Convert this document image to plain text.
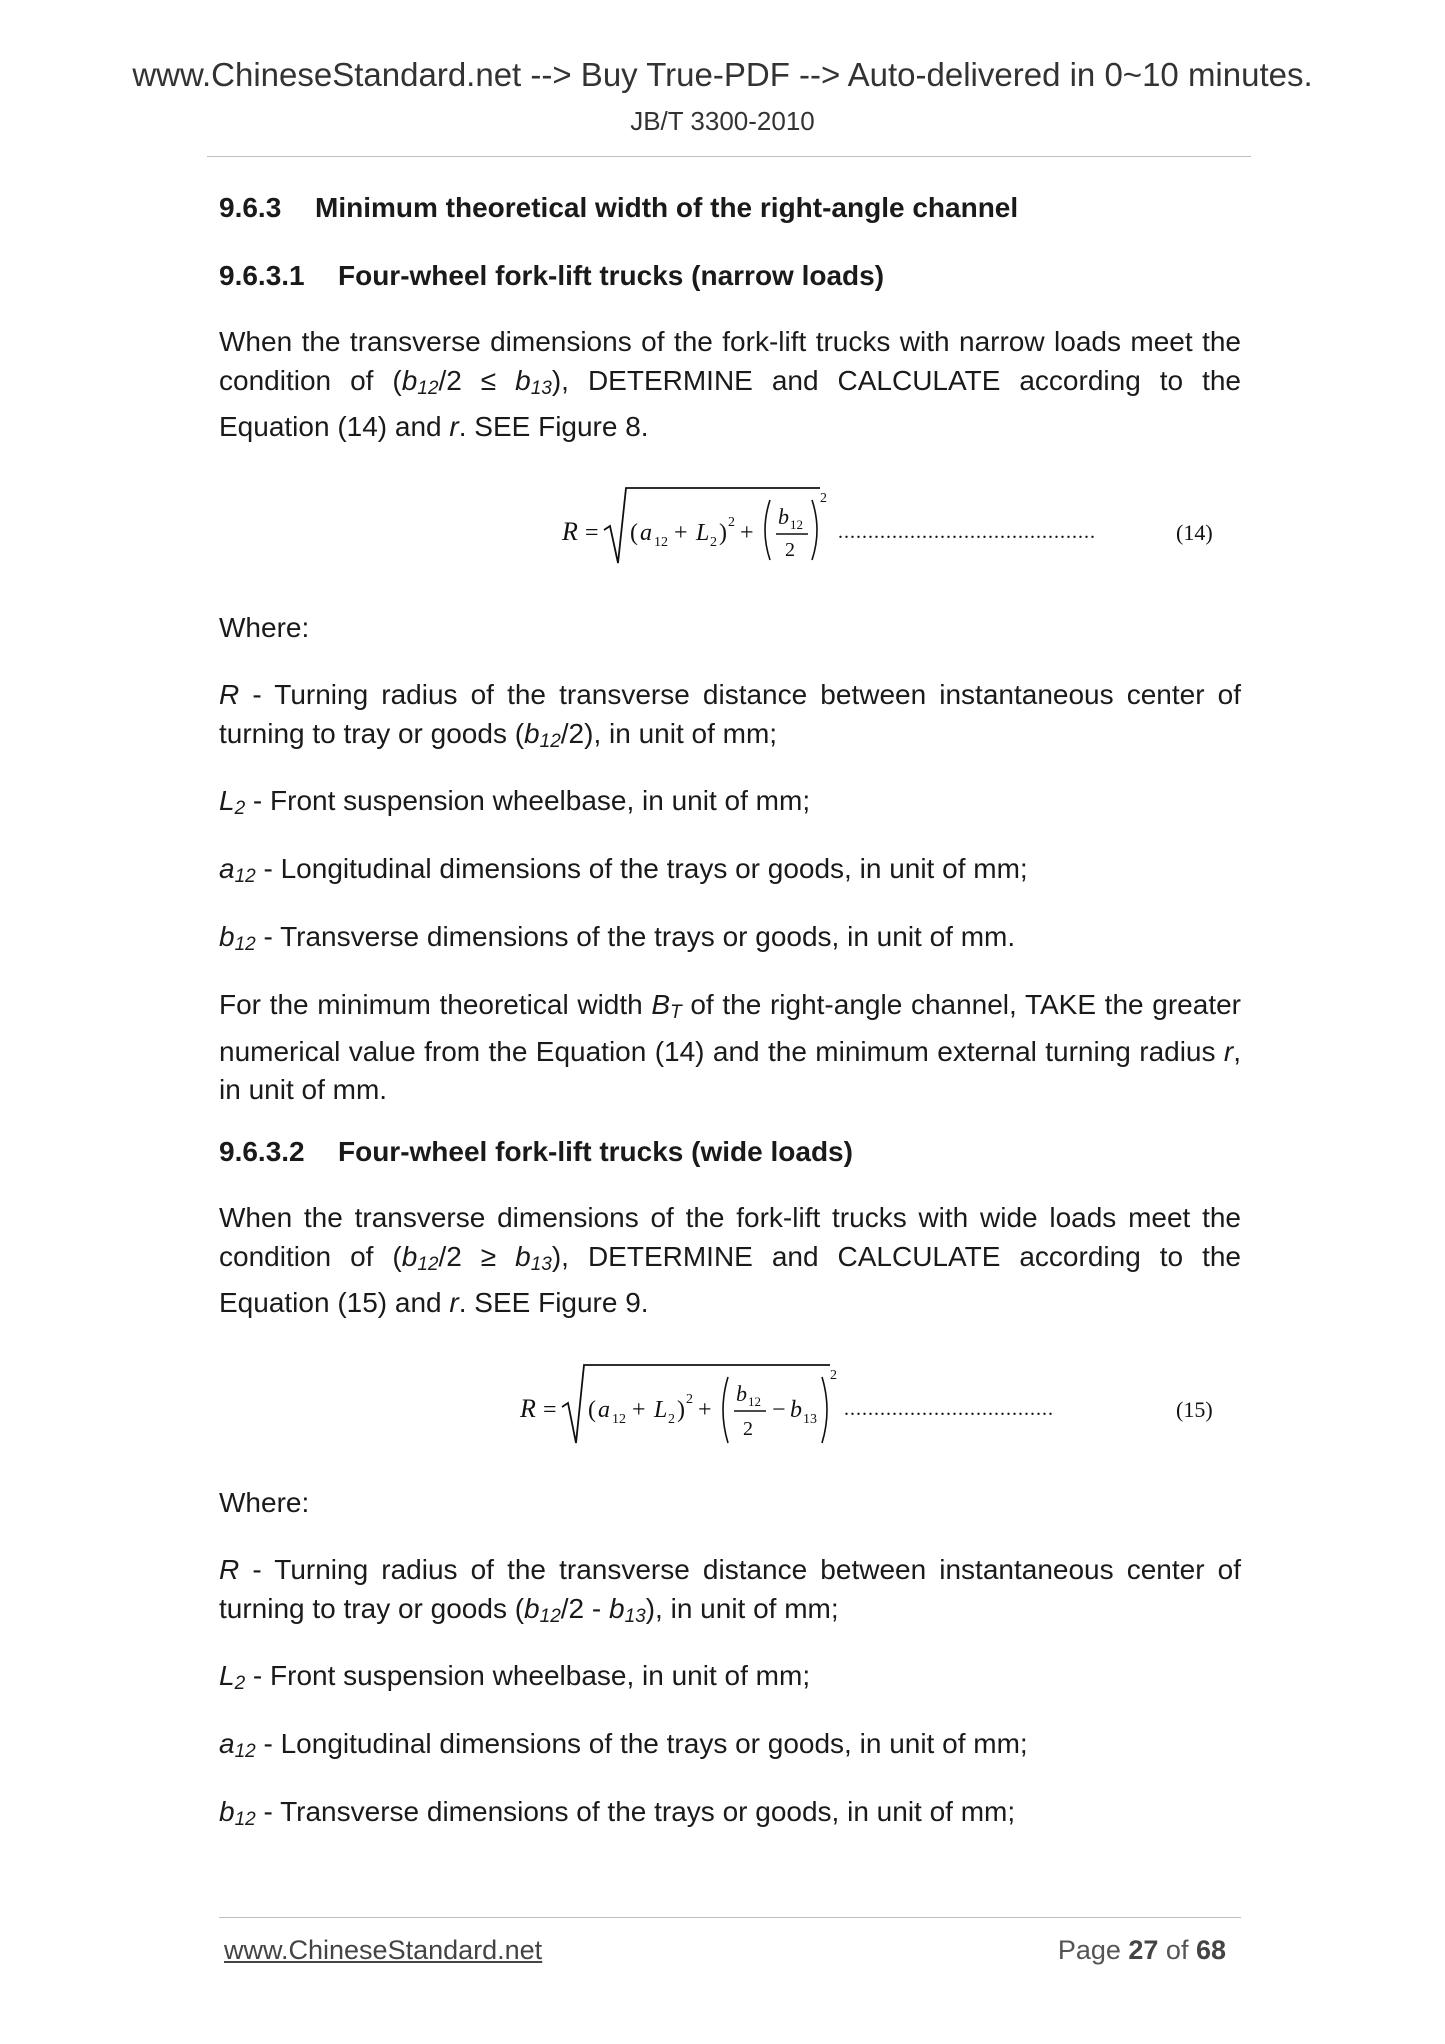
www.ChineseStandard.net --> Buy True-PDF --> Auto-delivered in 0~10 minutes.
JB/T 3300-2010
9.6.3 Minimum theoretical width of the right-angle channel
9.6.3.1 Four-wheel fork-lift trucks (narrow loads)
When the transverse dimensions of the fork-lift trucks with narrow loads meet the condition of $(b_{12}/2 \le b_{13})$, DETERMINE and CALCULATE according to the Equation (14) and r. SEE Figure 8.
R = ( a 12 + L 2 ) 2 +
b 12
2
2
...........................................	(14)
Where:
R - Turning radius of the transverse distance between instantaneous center of turning to tray or goods $(b_{12}/2)$, in unit of mm;
$L_2$ - Front suspension wheelbase, in unit of mm;
$a_{12}$ - Longitudinal dimensions of the trays or goods, in unit of mm;
$b_{12}$ - Transverse dimensions of the trays or goods, in unit of mm.
For the minimum theoretical width $B_T$ of the right-angle channel, TAKE the greater numerical value from the Equation (14) and the minimum external turning radius r, in unit of mm.
9.6.3.2 Four-wheel fork-lift trucks (wide loads)
When the transverse dimensions of the fork-lift trucks with wide loads meet the condition of $(b_{12}/2 \ge b_{13})$, DETERMINE and CALCULATE according to the Equation (15) and r. SEE Figure 9.
R = ( a 12 + L 2 ) 2 +
b 12
2
− b 13
2
...................................	(15)
Where:
R - Turning radius of the transverse distance between instantaneous center of turning to tray or goods $(b_{12}/2 - b_{13})$, in unit of mm;
$L_2$ - Front suspension wheelbase, in unit of mm;
$a_{12}$ - Longitudinal dimensions of the trays or goods, in unit of mm;
$b_{12}$ - Transverse dimensions of the trays or goods, in unit of mm;
www.ChineseStandard.net	Page 27 of 68
